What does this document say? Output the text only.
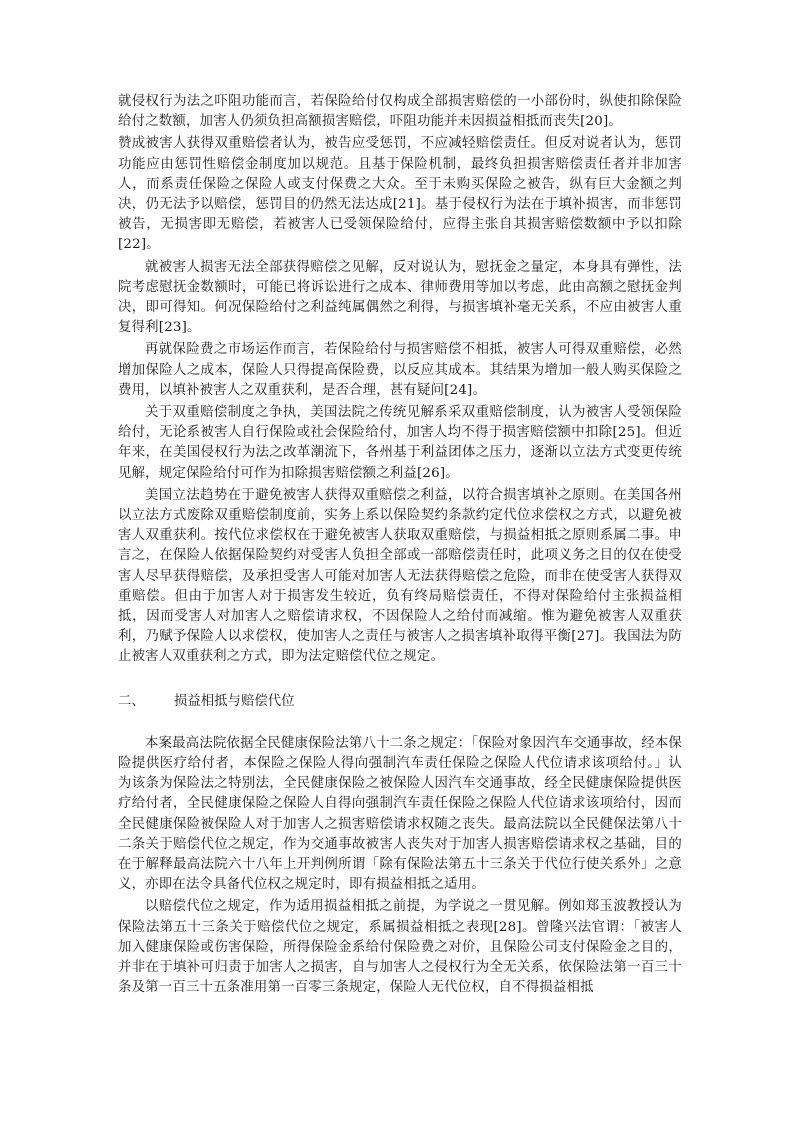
就侵权行为法之吓阻功能而言，若保险给付仅构成全部损害赔偿的一小部份时，纵使扣除保险给付之数额，加害人仍须负担高额损害赔偿，吓阻功能并未因损益相抵而丧失[20]。

赞成被害人获得双重赔偿者认为，被告应受惩罚，不应减轻赔偿责任。但反对说者认为，惩罚功能应由惩罚性赔偿金制度加以规范。且基于保险机制，最终负担损害赔偿责任者并非加害人，而系责任保险之保险人或支付保费之大众。至于未购买保险之被告，纵有巨大金额之判决，仍无法予以赔偿，惩罚目的仍然无法达成[21]。基于侵权行为法在于填补损害，而非惩罚被告，无损害即无赔偿，若被害人已受领保险给付，应得主张自其损害赔偿数额中予以扣除[22]。

就被害人损害无法全部获得赔偿之见解，反对说认为，慰抚金之量定，本身具有弹性，法院考虑慰抚金数额时，可能已将诉讼进行之成本、律师费用等加以考虑，此由高额之慰抚金判决，即可得知。何况保险给付之利益纯属偶然之利得，与损害填补毫无关系，不应由被害人重复得利[23]。

再就保险费之市场运作而言，若保险给付与损害赔偿不相抵，被害人可得双重赔偿，必然增加保险人之成本，保险人只得提高保险费，以反应其成本。其结果为增加一般人购买保险之费用，以填补被害人之双重获利，是否合理，甚有疑问[24]。

关于双重赔偿制度之争执，美国法院之传统见解系采双重赔偿制度，认为被害人受领保险给付，无论系被害人自行保险或社会保险给付，加害人均不得于损害赔偿额中扣除[25]。但近年来，在美国侵权行为法之改革潮流下，各州基于利益团体之压力，逐渐以立法方式变更传统见解，规定保险给付可作为扣除损害赔偿额之利益[26]。

美国立法趋势在于避免被害人获得双重赔偿之利益，以符合损害填补之原则。在美国各州以立法方式废除双重赔偿制度前，实务上系以保险契约条款约定代位求偿权之方式，以避免被害人双重获利。按代位求偿权在于避免被害人获取双重赔偿，与损益相抵之原则系属二事。申言之，在保险人依据保险契约对受害人负担全部或一部赔偿责任时，此项义务之目的仅在使受害人尽早获得赔偿，及承担受害人可能对加害人无法获得赔偿之危险，而非在使受害人获得双重赔偿。但由于加害人对于损害发生较近，负有终局赔偿责任，不得对保险给付主张损益相抵，因而受害人对加害人之赔偿请求权，不因保险人之给付而减缩。惟为避免被害人双重获利，乃赋予保险人以求偿权，使加害人之责任与被害人之损害填补取得平衡[27]。我国法为防止被害人双重获利之方式，即为法定赔偿代位之规定。

二、	损益相抵与赔偿代位

本案最高法院依据全民健康保险法第八十二条之规定：「保险对象因汽车交通事故，经本保险提供医疗给付者，本保险之保险人得向强制汽车责任保险之保险人代位请求该项给付。」认为该条为保险法之特别法，全民健康保险之被保险人因汽车交通事故，经全民健康保险提供医疗给付者，全民健康保险之保险人自得向强制汽车责任保险之保险人代位请求该项给付，因而全民健康保险被保险人对于加害人之损害赔偿请求权随之丧失。最高法院以全民健保法第八十二条关于赔偿代位之规定，作为交通事故被害人丧失对于加害人损害赔偿请求权之基础，目的在于解释最高法院六十八年上开判例所谓「除有保险法第五十三条关于代位行使关系外」之意义，亦即在法令具备代位权之规定时，即有损益相抵之适用。

以赔偿代位之规定，作为适用损益相抵之前提，为学说之一贯见解。例如郑玉波教授认为保险法第五十三条关于赔偿代位之规定，系属损益相抵之表现[28]。曾隆兴法官谓：「被害人加入健康保险或伤害保险，所得保险金系给付保险费之对价，且保险公司支付保险金之目的，并非在于填补可归责于加害人之损害，自与加害人之侵权行为全无关系，依保险法第一百三十条及第一百三十五条准用第一百零三条规定，保险人无代位权，自不得损益相抵
